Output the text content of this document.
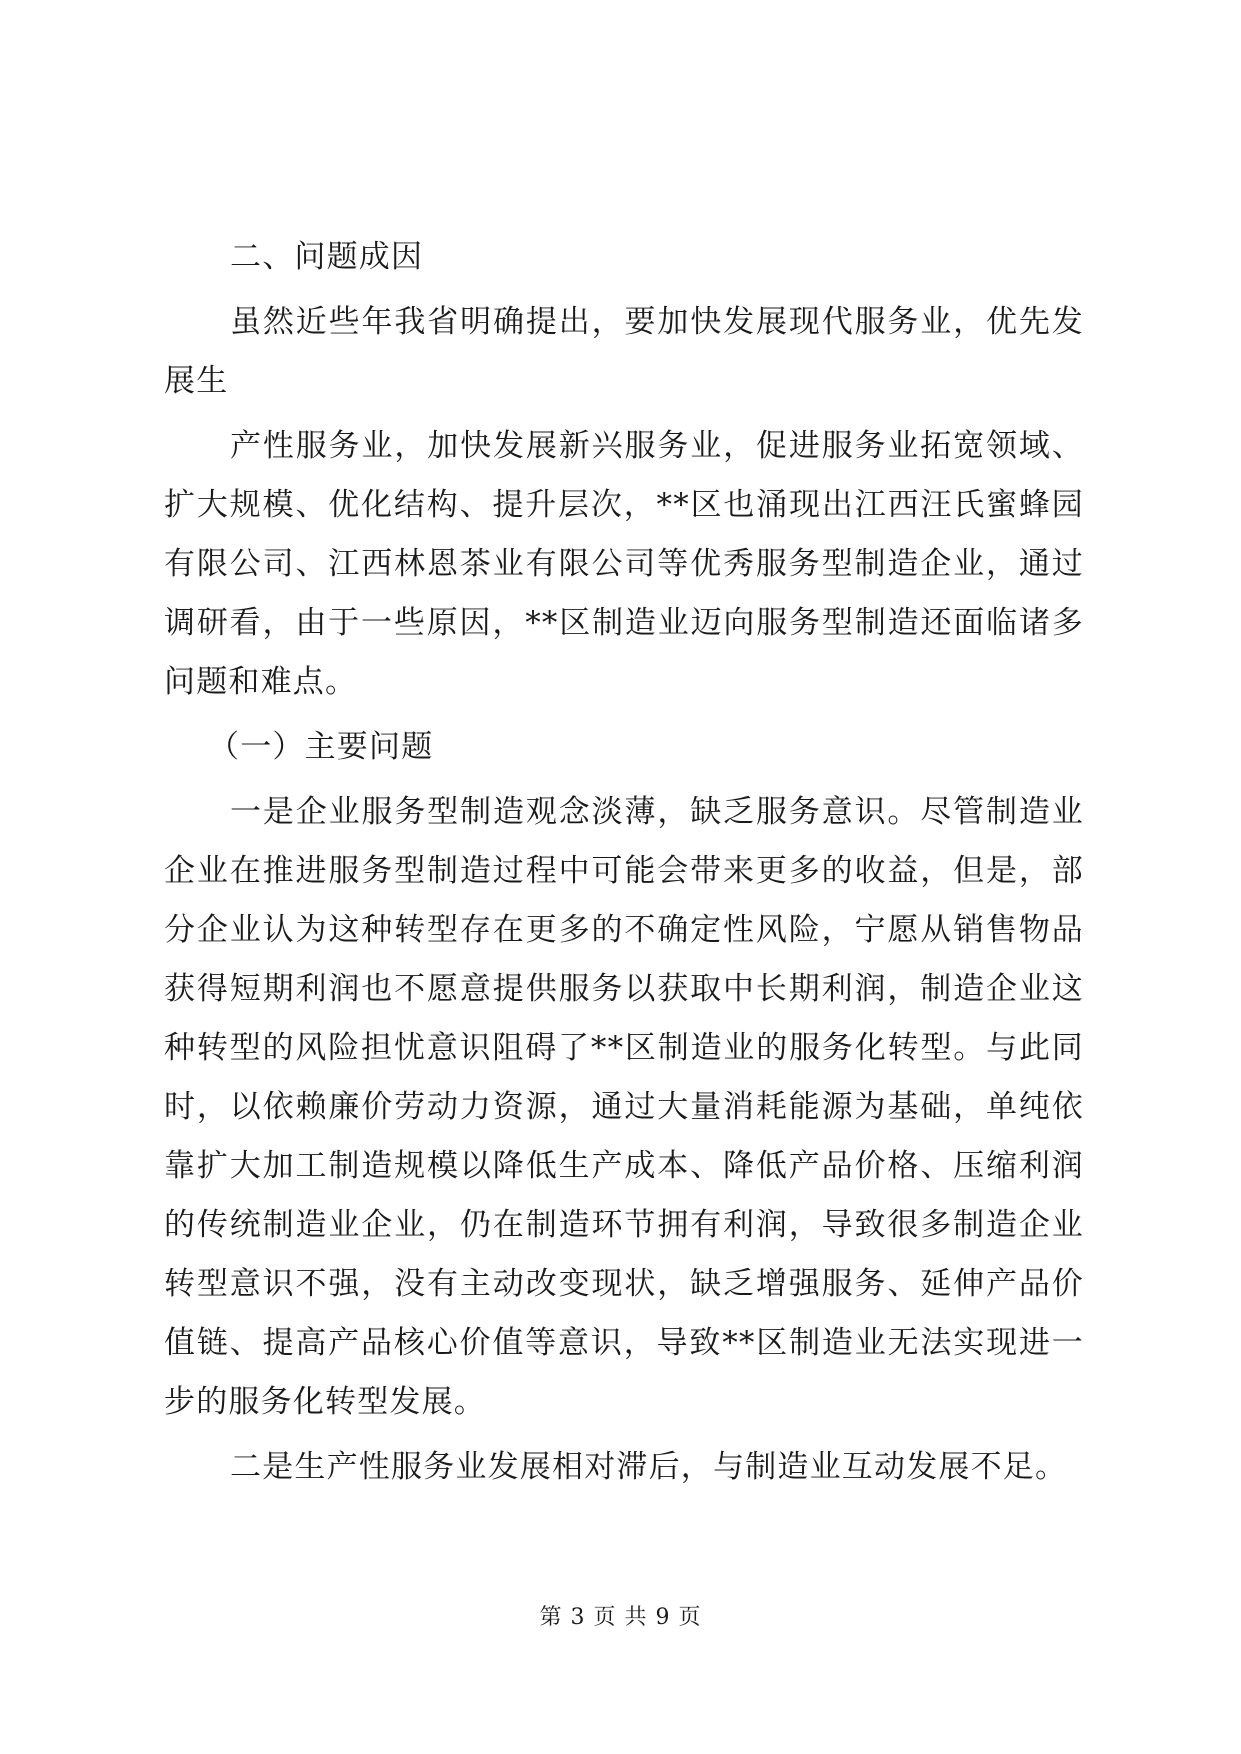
二、问题成因

虽然近些年我省明确提出，要加快发展现代服务业，优先发展生

产性服务业，加快发展新兴服务业，促进服务业拓宽领域、扩大规模、优化结构、提升层次，**区也涌现出江西汪氏蜜蜂园有限公司、江西林恩茶业有限公司等优秀服务型制造企业，通过调研看，由于一些原因，**区制造业迈向服务型制造还面临诸多问题和难点。

（一）主要问题

一是企业服务型制造观念淡薄，缺乏服务意识。尽管制造业企业在推进服务型制造过程中可能会带来更多的收益，但是，部分企业认为这种转型存在更多的不确定性风险，宁愿从销售物品获得短期利润也不愿意提供服务以获取中长期利润，制造企业这种转型的风险担忧意识阻碍了**区制造业的服务化转型。与此同时，以依赖廉价劳动力资源，通过大量消耗能源为基础，单纯依靠扩大加工制造规模以降低生产成本、降低产品价格、压缩利润的传统制造业企业，仍在制造环节拥有利润，导致很多制造企业转型意识不强，没有主动改变现状，缺乏增强服务、延伸产品价值链、提高产品核心价值等意识，导致**区制造业无法实现进一步的服务化转型发展。

二是生产性服务业发展相对滞后，与制造业互动发展不足。

第 3 页 共 9 页
